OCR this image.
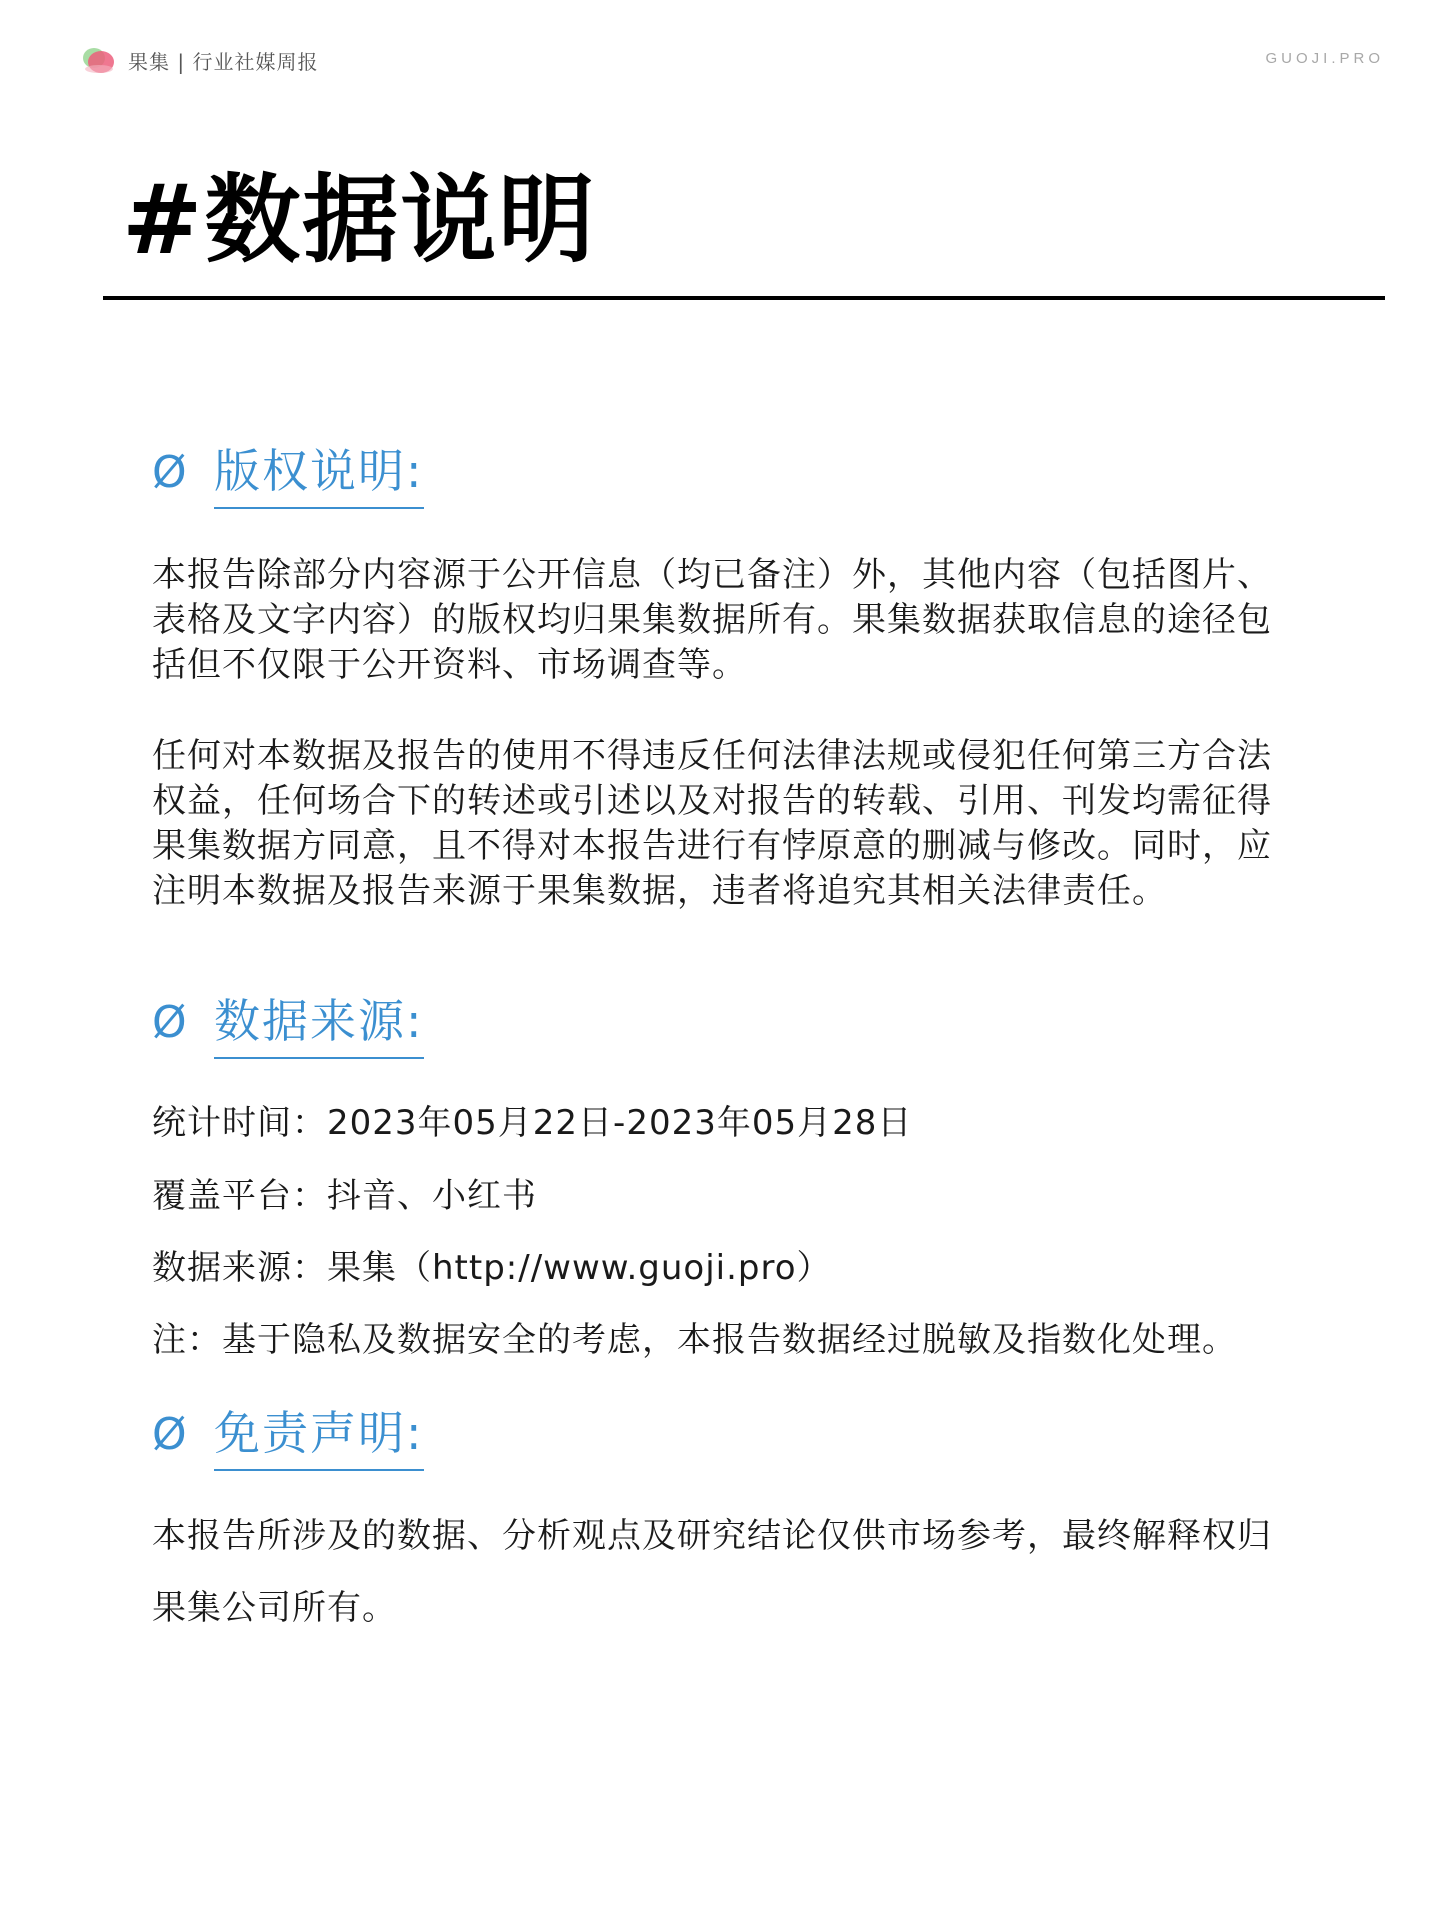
果集 | 行业社媒周报	GUOJI.PRO
#数据说明
Ø 版权说明:

本报告除部分内容源于公开信息（均已备注）外，其他内容（包括图片、表格及文字内容）的版权均归果集数据所有。果集数据获取信息的途径包括但不仅限于公开资料、市场调查等。

任何对本数据及报告的使用不得违反任何法律法规或侵犯任何第三方合法权益，任何场合下的转述或引述以及对报告的转载、引用、刊发均需征得果集数据方同意，且不得对本报告进行有悖原意的删减与修改。同时，应注明本数据及报告来源于果集数据，违者将追究其相关法律责任。

Ø 数据来源:

统计时间：2023年05月22日-2023年05月28日

覆盖平台：抖音、小红书

数据来源：果集（http://www.guoji.pro）

注：基于隐私及数据安全的考虑，本报告数据经过脱敏及指数化处理。

Ø 免责声明:

本报告所涉及的数据、分析观点及研究结论仅供市场参考，最终解释权归果集公司所有。
